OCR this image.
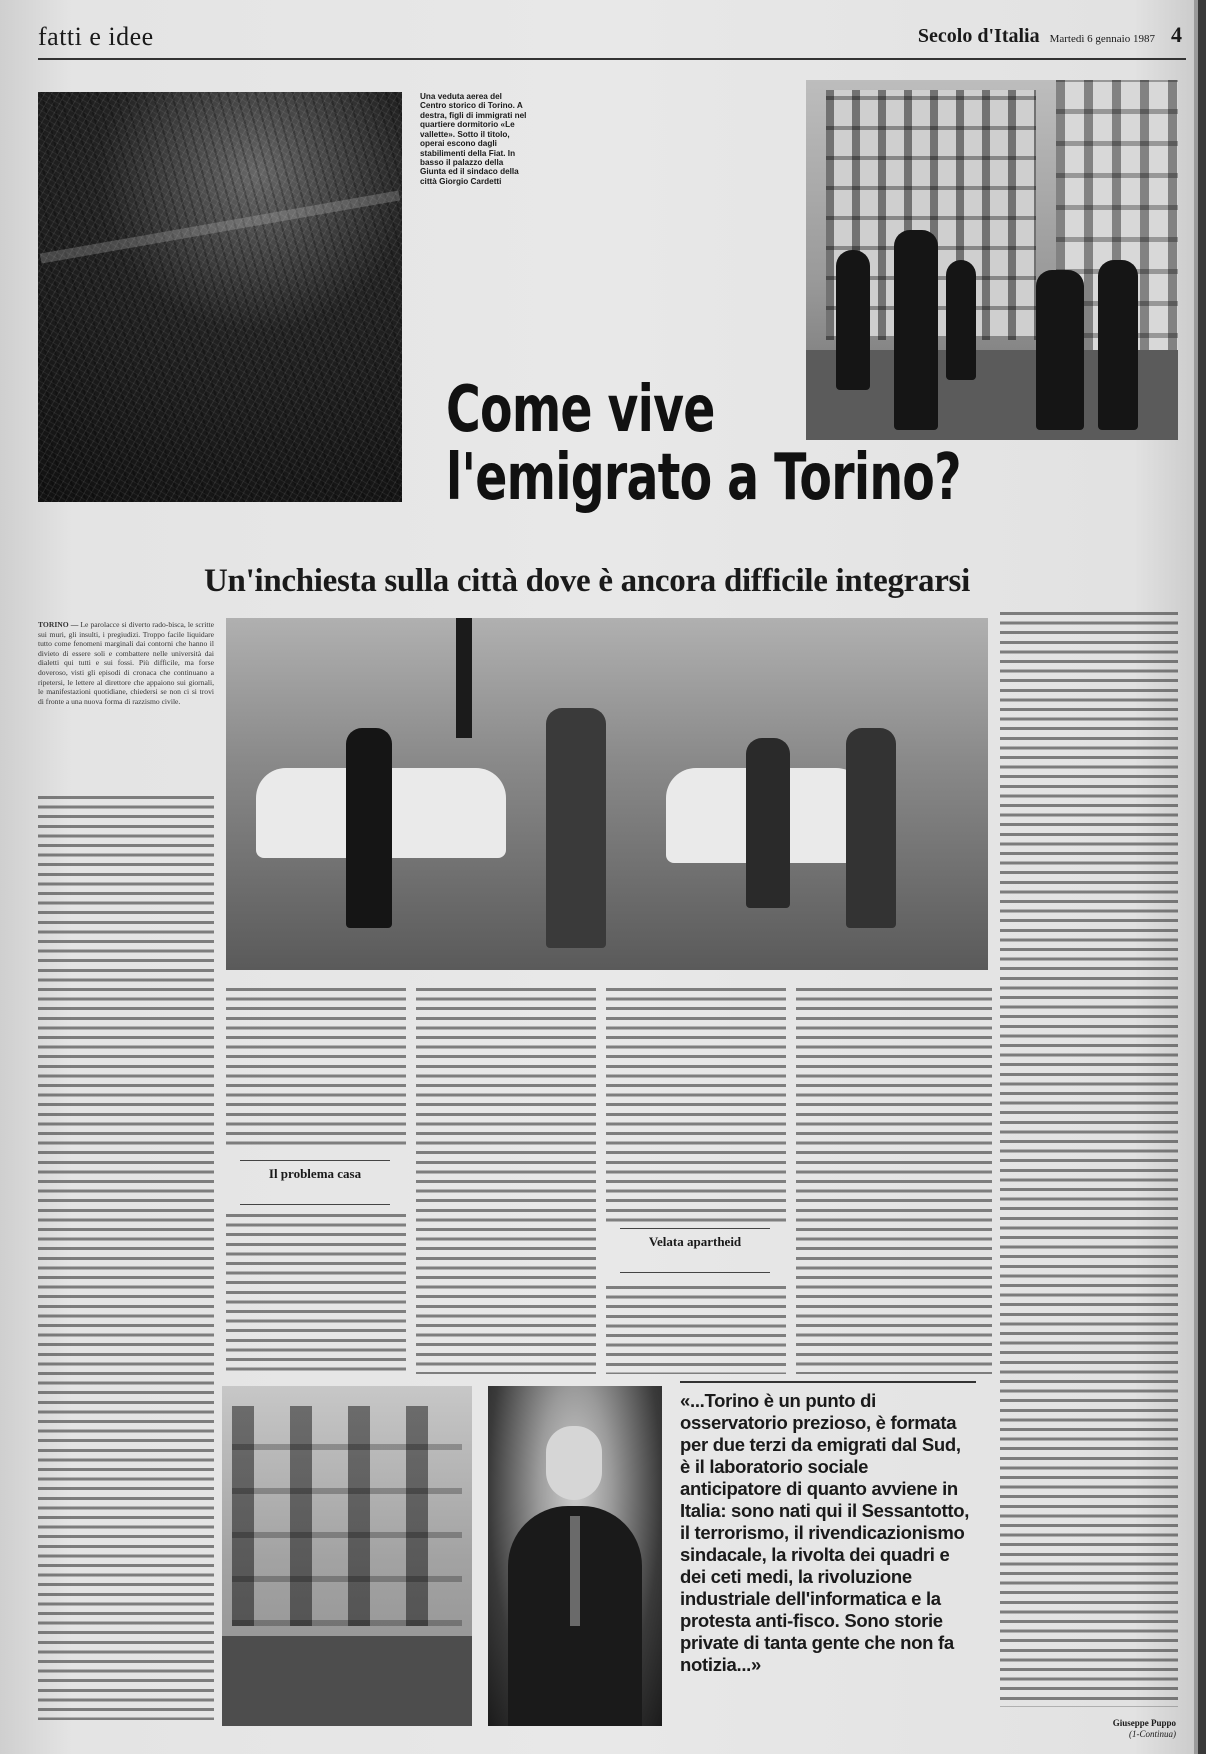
fatti e idee	Secolo d'Italia Martedì 6 gennaio 1987 4
Una veduta aerea del Centro storico di Torino. A destra, figli di immigrati nel quartiere dormitorio «Le vallette». Sotto il titolo, operai escono dagli stabilimenti della Fiat. In basso il palazzo della Giunta ed il sindaco della città Giorgio Cardetti
Come vive
l'emigrato a Torino?
Un'inchiesta sulla città dove è ancora difficile integrarsi
TORINO — Le parolacce si diverto rado-bisca, le scritte sui muri, gli insulti, i pregiudizi. Troppo facile liquidare tutto come fenomeni marginali dai contorni che hanno il divieto di essere soli e combattere nelle università dai dialetti qui tutti e sui fossi. Più difficile, ma forse doveroso, visti gli episodi di cronaca che continuano a ripetersi, le lettere al direttore che appaiono sui giornali, le manifestazioni quotidiane, chiedersi se non ci si trovi di fronte a una nuova forma di razzismo civile.
Il problema casa
Velata apartheid
«...Torino è un punto di osservatorio prezioso, è formata per due terzi da emigrati dal Sud, è il laboratorio sociale anticipatore di quanto avviene in Italia: sono nati qui il Sessantotto, il terrorismo, il rivendicazionismo sindacale, la rivolta dei quadri e dei ceti medi, la rivoluzione industriale dell'informatica e la protesta anti-fisco. Sono storie private di tanta gente che non fa notizia...»
Giuseppe Puppo
(1-Continua)
